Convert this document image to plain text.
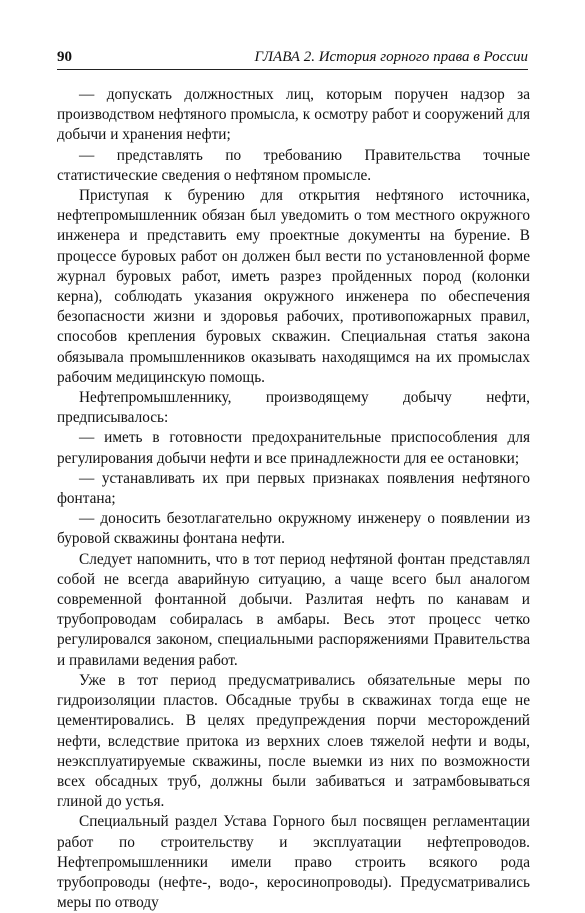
90	ГЛАВА 2. История горного права в России

— допускать должностных лиц, которым поручен надзор за производством нефтяного промысла, к осмотру работ и сооружений для добычи и хранения нефти;

— представлять по требованию Правительства точные статистические сведения о нефтяном промысле.

Приступая к бурению для открытия нефтяного источника, нефтепромышленник обязан был уведомить о том местного окружного инженера и представить ему проектные документы на бурение. В процессе буровых работ он должен был вести по установленной форме журнал буровых работ, иметь разрез пройденных пород (колонки керна), соблюдать указания окружного инженера по обеспечения безопасности жизни и здоровья рабочих, противопожарных правил, способов крепления буровых скважин. Специальная статья закона обязывала промышленников оказывать находящимся на их промыслах рабочим медицинскую помощь.

Нефтепромышленнику, производящему добычу нефти, предписывалось:

— иметь в готовности предохранительные приспособления для регулирования добычи нефти и все принадлежности для ее остановки;

— устанавливать их при первых признаках появления нефтяного фонтана;

— доносить безотлагательно окружному инженеру о появлении из буровой скважины фонтана нефти.

Следует напомнить, что в тот период нефтяной фонтан представлял собой не всегда аварийную ситуацию, а чаще всего был аналогом современной фонтанной добычи. Разлитая нефть по канавам и трубопроводам собиралась в амбары. Весь этот процесс четко регулировался законом, специальными распоряжениями Правительства и правилами ведения работ.

Уже в тот период предусматривались обязательные меры по гидроизоляции пластов. Обсадные трубы в скважинах тогда еще не цементировались. В целях предупреждения порчи месторождений нефти, вследствие притока из верхних слоев тяжелой нефти и воды, неэксплуатируемые скважины, после выемки из них по возможности всех обсадных труб, должны были забиваться и затрамбовываться глиной до устья.

Специальный раздел Устава Горного был посвящен регламентации работ по строительству и эксплуатации нефтепроводов. Нефтепромышленники имели право строить всякого рода трубопроводы (нефте-, водо-, керосинопроводы). Предусматривались меры по отводу
